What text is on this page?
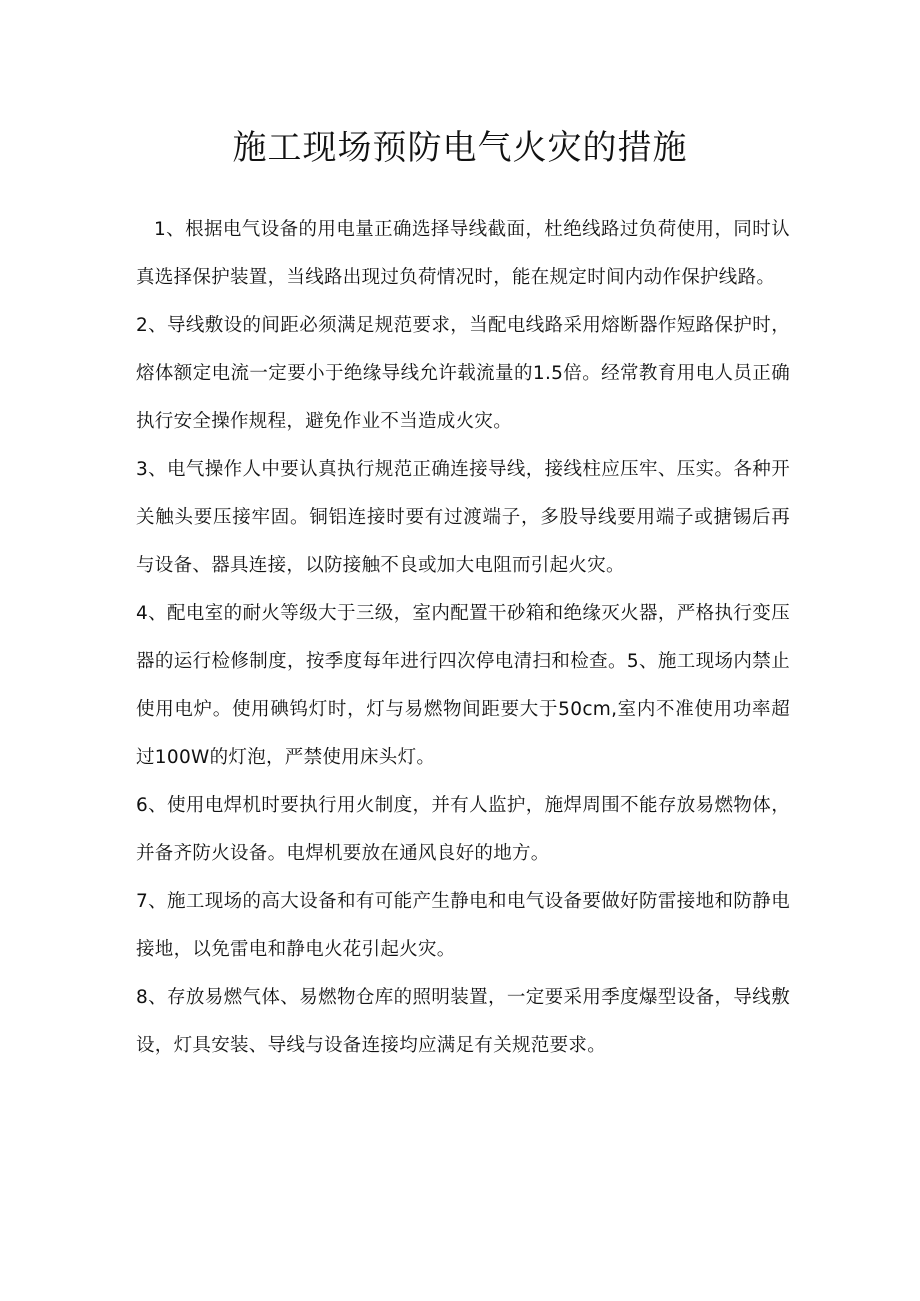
施工现场预防电气火灾的措施

1、根据电气设备的用电量正确选择导线截面，杜绝线路过负荷使用，同时认真选择保护装置，当线路出现过负荷情况时，能在规定时间内动作保护线路。

2、导线敷设的间距必须满足规范要求，当配电线路采用熔断器作短路保护时，熔体额定电流一定要小于绝缘导线允许载流量的1.5倍。经常教育用电人员正确执行安全操作规程，避免作业不当造成火灾。

3、电气操作人中要认真执行规范正确连接导线，接线柱应压牢、压实。各种开关触头要压接牢固。铜铝连接时要有过渡端子，多股导线要用端子或搪锡后再与设备、器具连接，以防接触不良或加大电阻而引起火灾。

4、配电室的耐火等级大于三级，室内配置干砂箱和绝缘灭火器，严格执行变压器的运行检修制度，按季度每年进行四次停电清扫和检查。5、施工现场内禁止使用电炉。使用碘钨灯时，灯与易燃物间距要大于50cm,室内不准使用功率超过100W的灯泡，严禁使用床头灯。

6、使用电焊机时要执行用火制度，并有人监护，施焊周围不能存放易燃物体，并备齐防火设备。电焊机要放在通风良好的地方。

7、施工现场的高大设备和有可能产生静电和电气设备要做好防雷接地和防静电接地，以免雷电和静电火花引起火灾。

8、存放易燃气体、易燃物仓库的照明装置，一定要采用季度爆型设备，导线敷设，灯具安装、导线与设备连接均应满足有关规范要求。
